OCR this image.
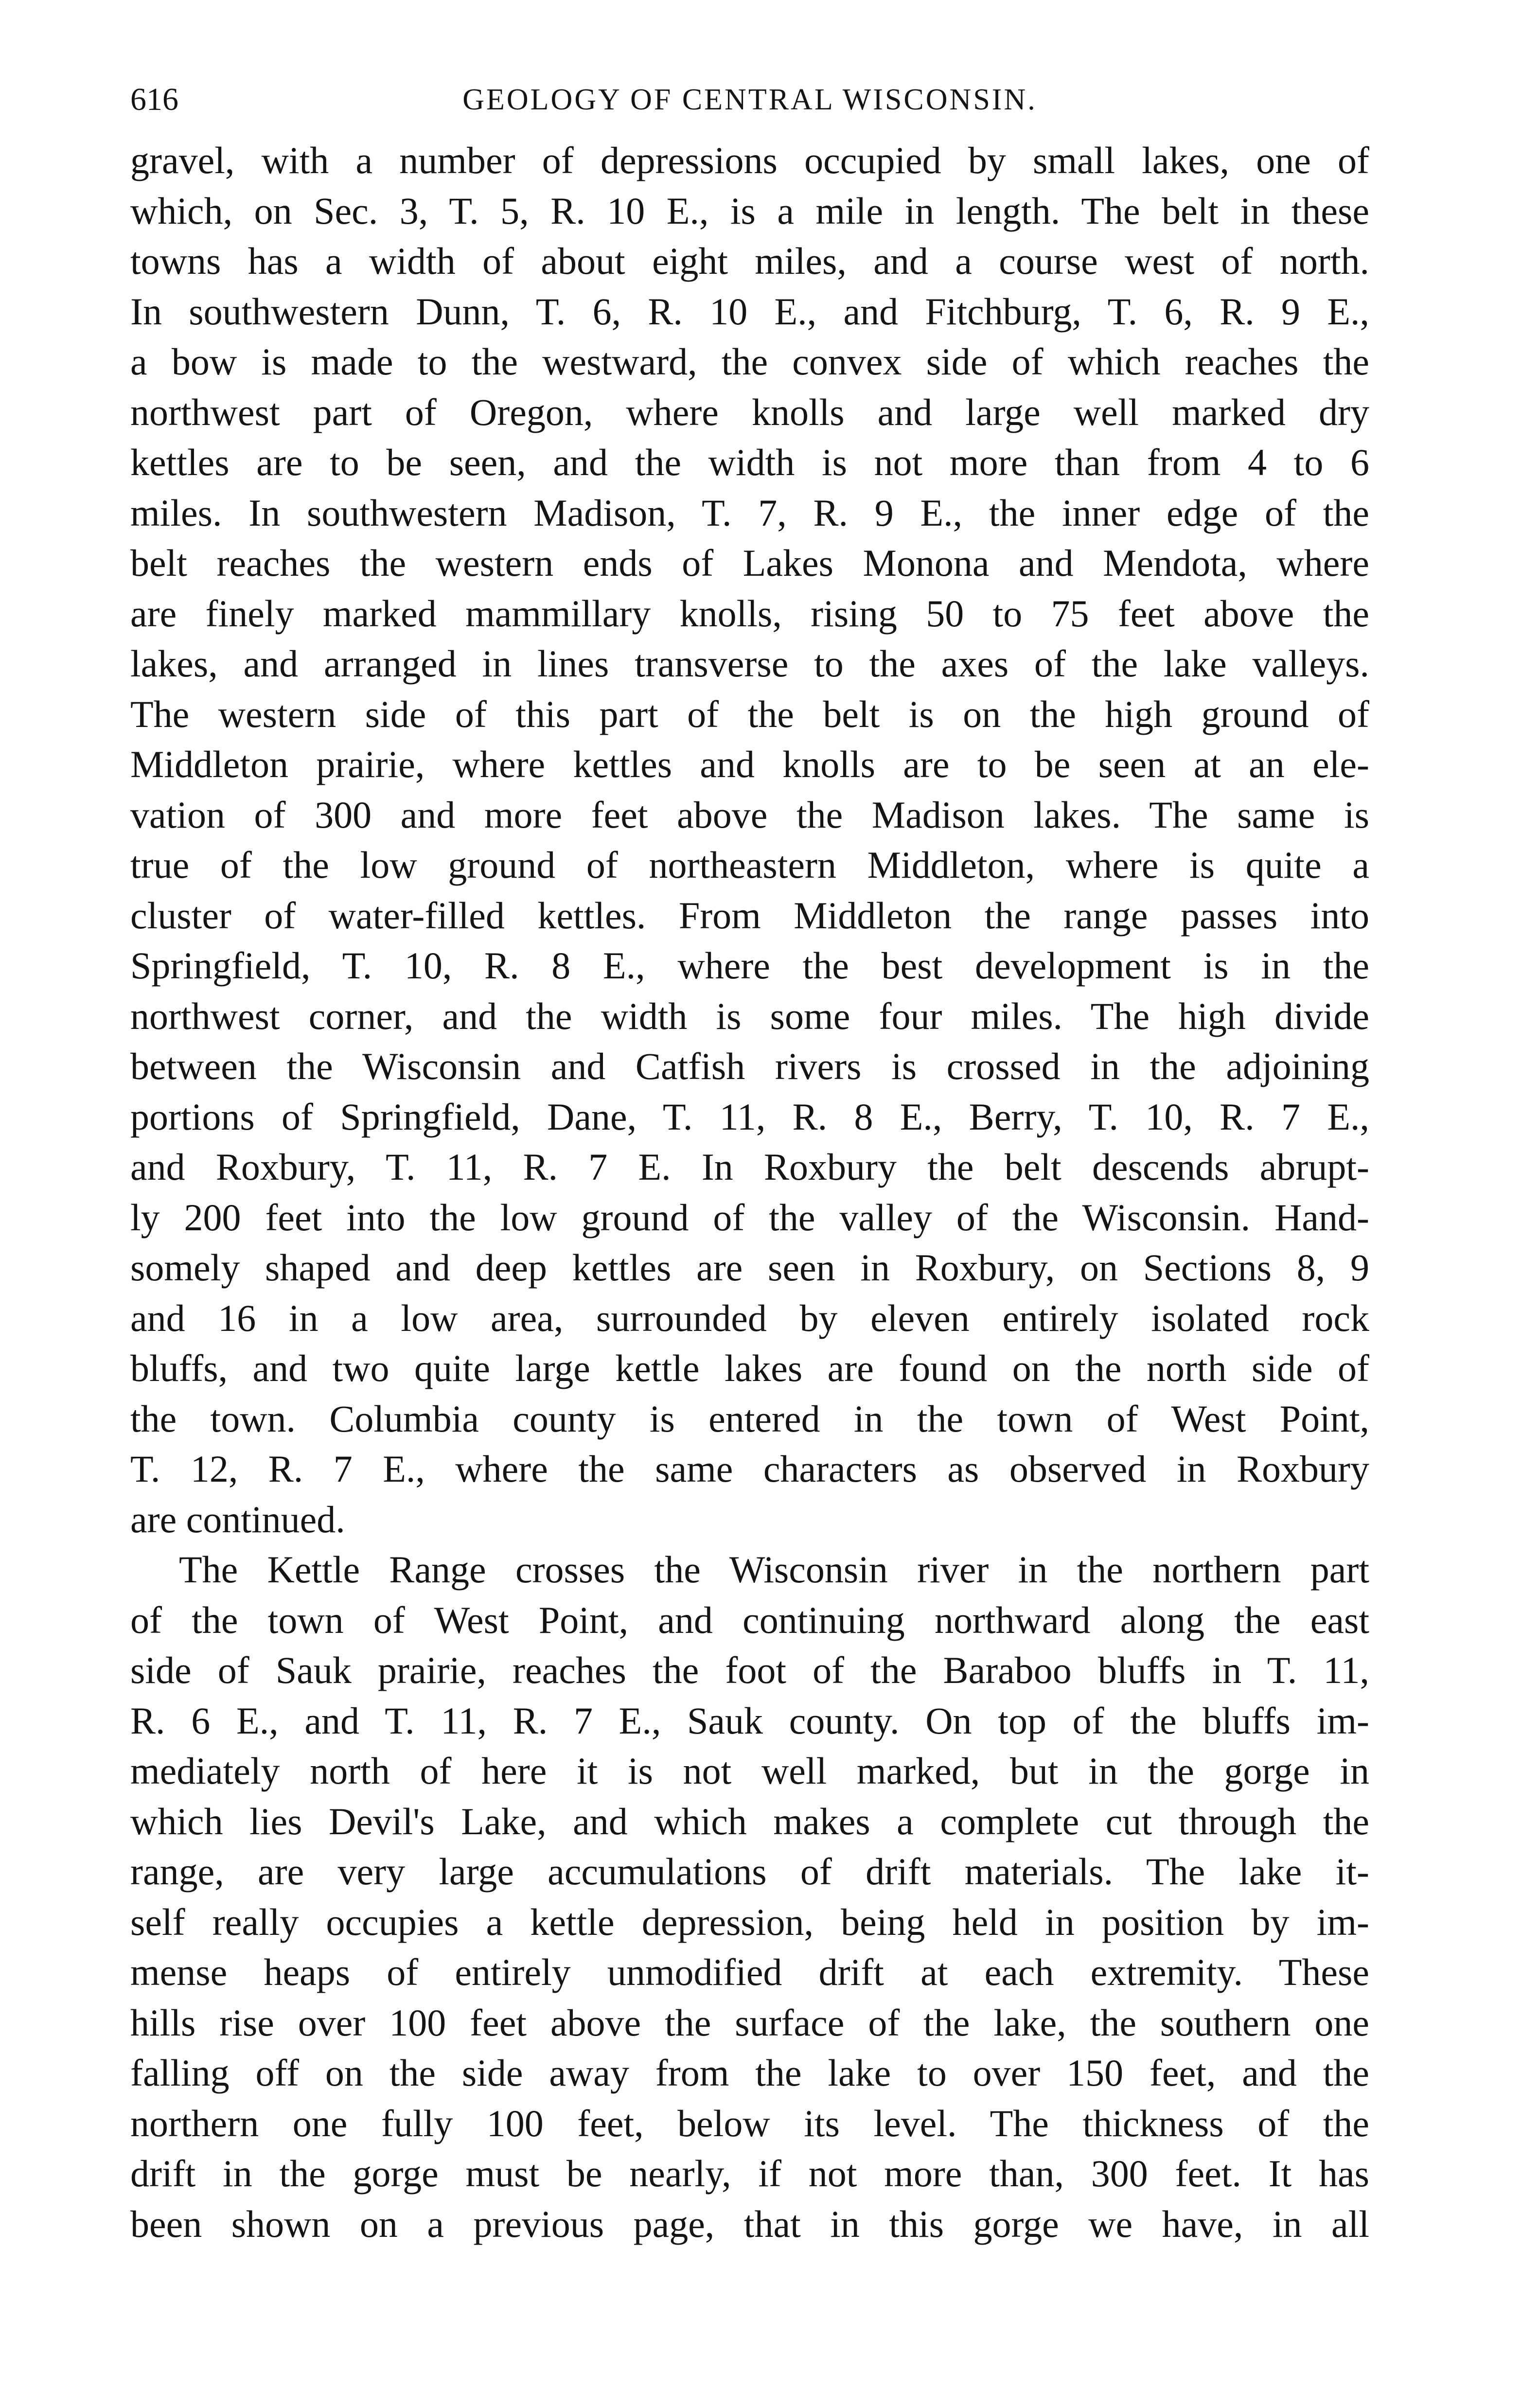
616	GEOLOGY OF CENTRAL WISCONSIN.

gravel, with a number of depressions occupied by small lakes, one of
which, on Sec. 3, T. 5, R. 10 E., is a mile in length. The belt in these
towns has a width of about eight miles, and a course west of north.
In southwestern Dunn, T. 6, R. 10 E., and Fitchburg, T. 6, R. 9 E.,
a bow is made to the westward, the convex side of which reaches the
northwest part of Oregon, where knolls and large well marked dry
kettles are to be seen, and the width is not more than from 4 to 6
miles. In southwestern Madison, T. 7, R. 9 E., the inner edge of the
belt reaches the western ends of Lakes Monona and Mendota, where
are finely marked mammillary knolls, rising 50 to 75 feet above the
lakes, and arranged in lines transverse to the axes of the lake valleys.
The western side of this part of the belt is on the high ground of
Middleton prairie, where kettles and knolls are to be seen at an ele-
vation of 300 and more feet above the Madison lakes. The same is
true of the low ground of northeastern Middleton, where is quite a
cluster of water-filled kettles. From Middleton the range passes into
Springfield, T. 10, R. 8 E., where the best development is in the
northwest corner, and the width is some four miles. The high divide
between the Wisconsin and Catfish rivers is crossed in the adjoining
portions of Springfield, Dane, T. 11, R. 8 E., Berry, T. 10, R. 7 E.,
and Roxbury, T. 11, R. 7 E. In Roxbury the belt descends abrupt-
ly 200 feet into the low ground of the valley of the Wisconsin. Hand-
somely shaped and deep kettles are seen in Roxbury, on Sections 8, 9
and 16 in a low area, surrounded by eleven entirely isolated rock
bluffs, and two quite large kettle lakes are found on the north side of
the town. Columbia county is entered in the town of West Point,
T. 12, R. 7 E., where the same characters as observed in Roxbury
are continued.

The Kettle Range crosses the Wisconsin river in the northern part
of the town of West Point, and continuing northward along the east
side of Sauk prairie, reaches the foot of the Baraboo bluffs in T. 11,
R. 6 E., and T. 11, R. 7 E., Sauk county. On top of the bluffs im-
mediately north of here it is not well marked, but in the gorge in
which lies Devil's Lake, and which makes a complete cut through the
range, are very large accumulations of drift materials. The lake it-
self really occupies a kettle depression, being held in position by im-
mense heaps of entirely unmodified drift at each extremity. These
hills rise over 100 feet above the surface of the lake, the southern one
falling off on the side away from the lake to over 150 feet, and the
northern one fully 100 feet, below its level. The thickness of the
drift in the gorge must be nearly, if not more than, 300 feet. It has
been shown on a previous page, that in this gorge we have, in all
